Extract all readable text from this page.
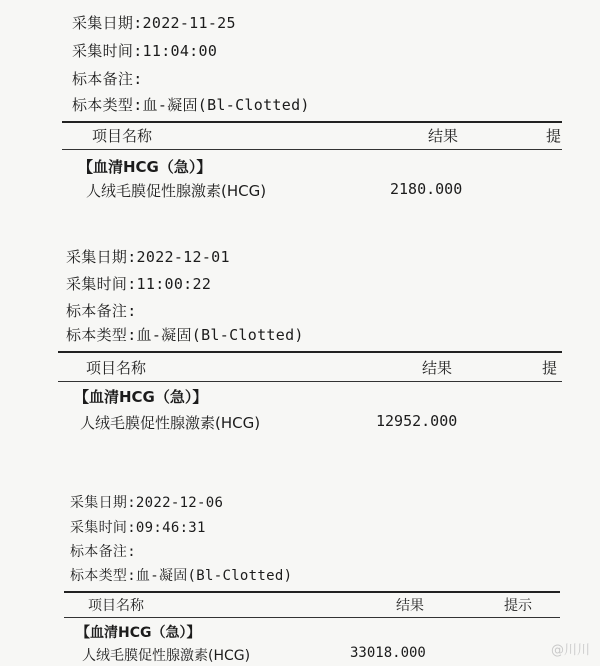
采集日期:2022-11-25
采集时间:11:04:00
标本备注:
标本类型:血-凝固(Bl-Clotted)
项目名称	结果	提
【血清HCG（急）】
人绒毛膜促性腺激素(HCG)	2180.000
采集日期:2022-12-01
采集时间:11:00:22
标本备注:
标本类型:血-凝固(Bl-Clotted)
项目名称	结果	提
【血清HCG（急）】
人绒毛膜促性腺激素(HCG)	12952.000
采集日期:2022-12-06
采集时间:09:46:31
标本备注:
标本类型:血-凝固(Bl-Clotted)
项目名称	结果	提示
【血清HCG（急）】
人绒毛膜促性腺激素(HCG)	33018.000	@川川
